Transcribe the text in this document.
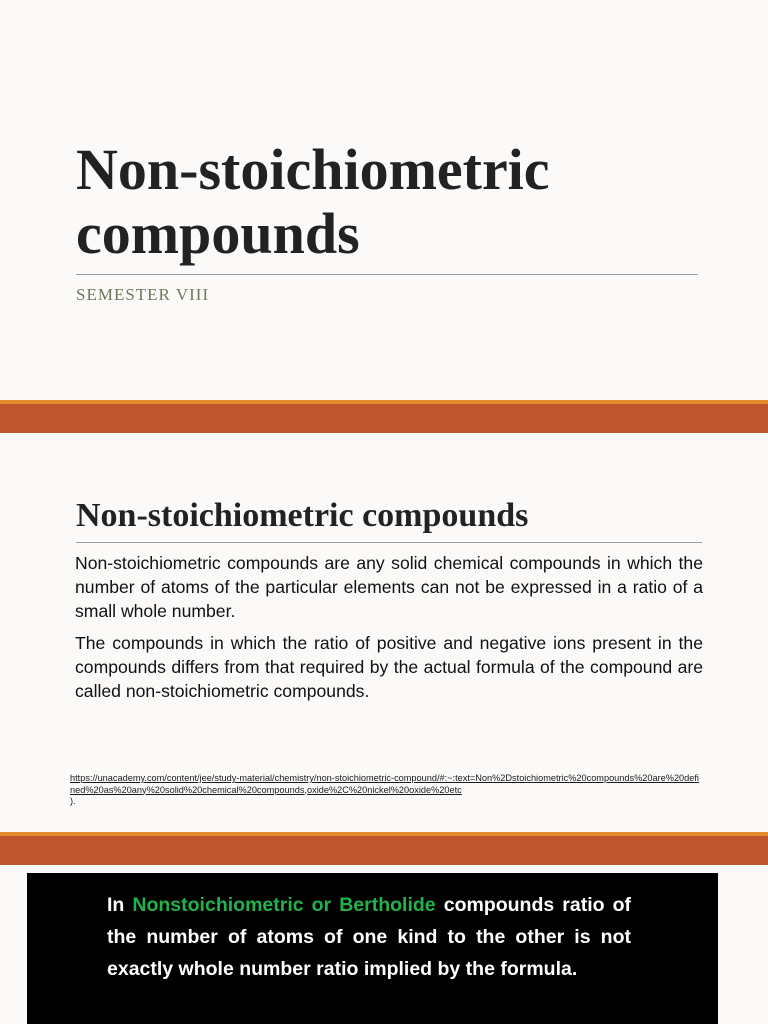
Non-stoichiometric compounds
SEMESTER VIII
Non-stoichiometric compounds

Non-stoichiometric compounds are any solid chemical compounds in which the number of atoms of the particular elements can not be expressed in a ratio of a small whole number.

The compounds in which the ratio of positive and negative ions present in the compounds differs from that required by the actual formula of the compound are called non-stoichiometric compounds.

https://unacademy.com/content/jee/study-material/chemistry/non-stoichiometric-compound/#:~:text=Non%2Dstoichiometric%20compounds%20are%20defined%20as%20any%20solid%20chemical%20compounds,oxide%2C%20nickel%20oxide%20etc
).
In Nonstoichiometric or Bertholide compounds ratio of the number of atoms of one kind to the other is not exactly whole number ratio implied by the formula.
